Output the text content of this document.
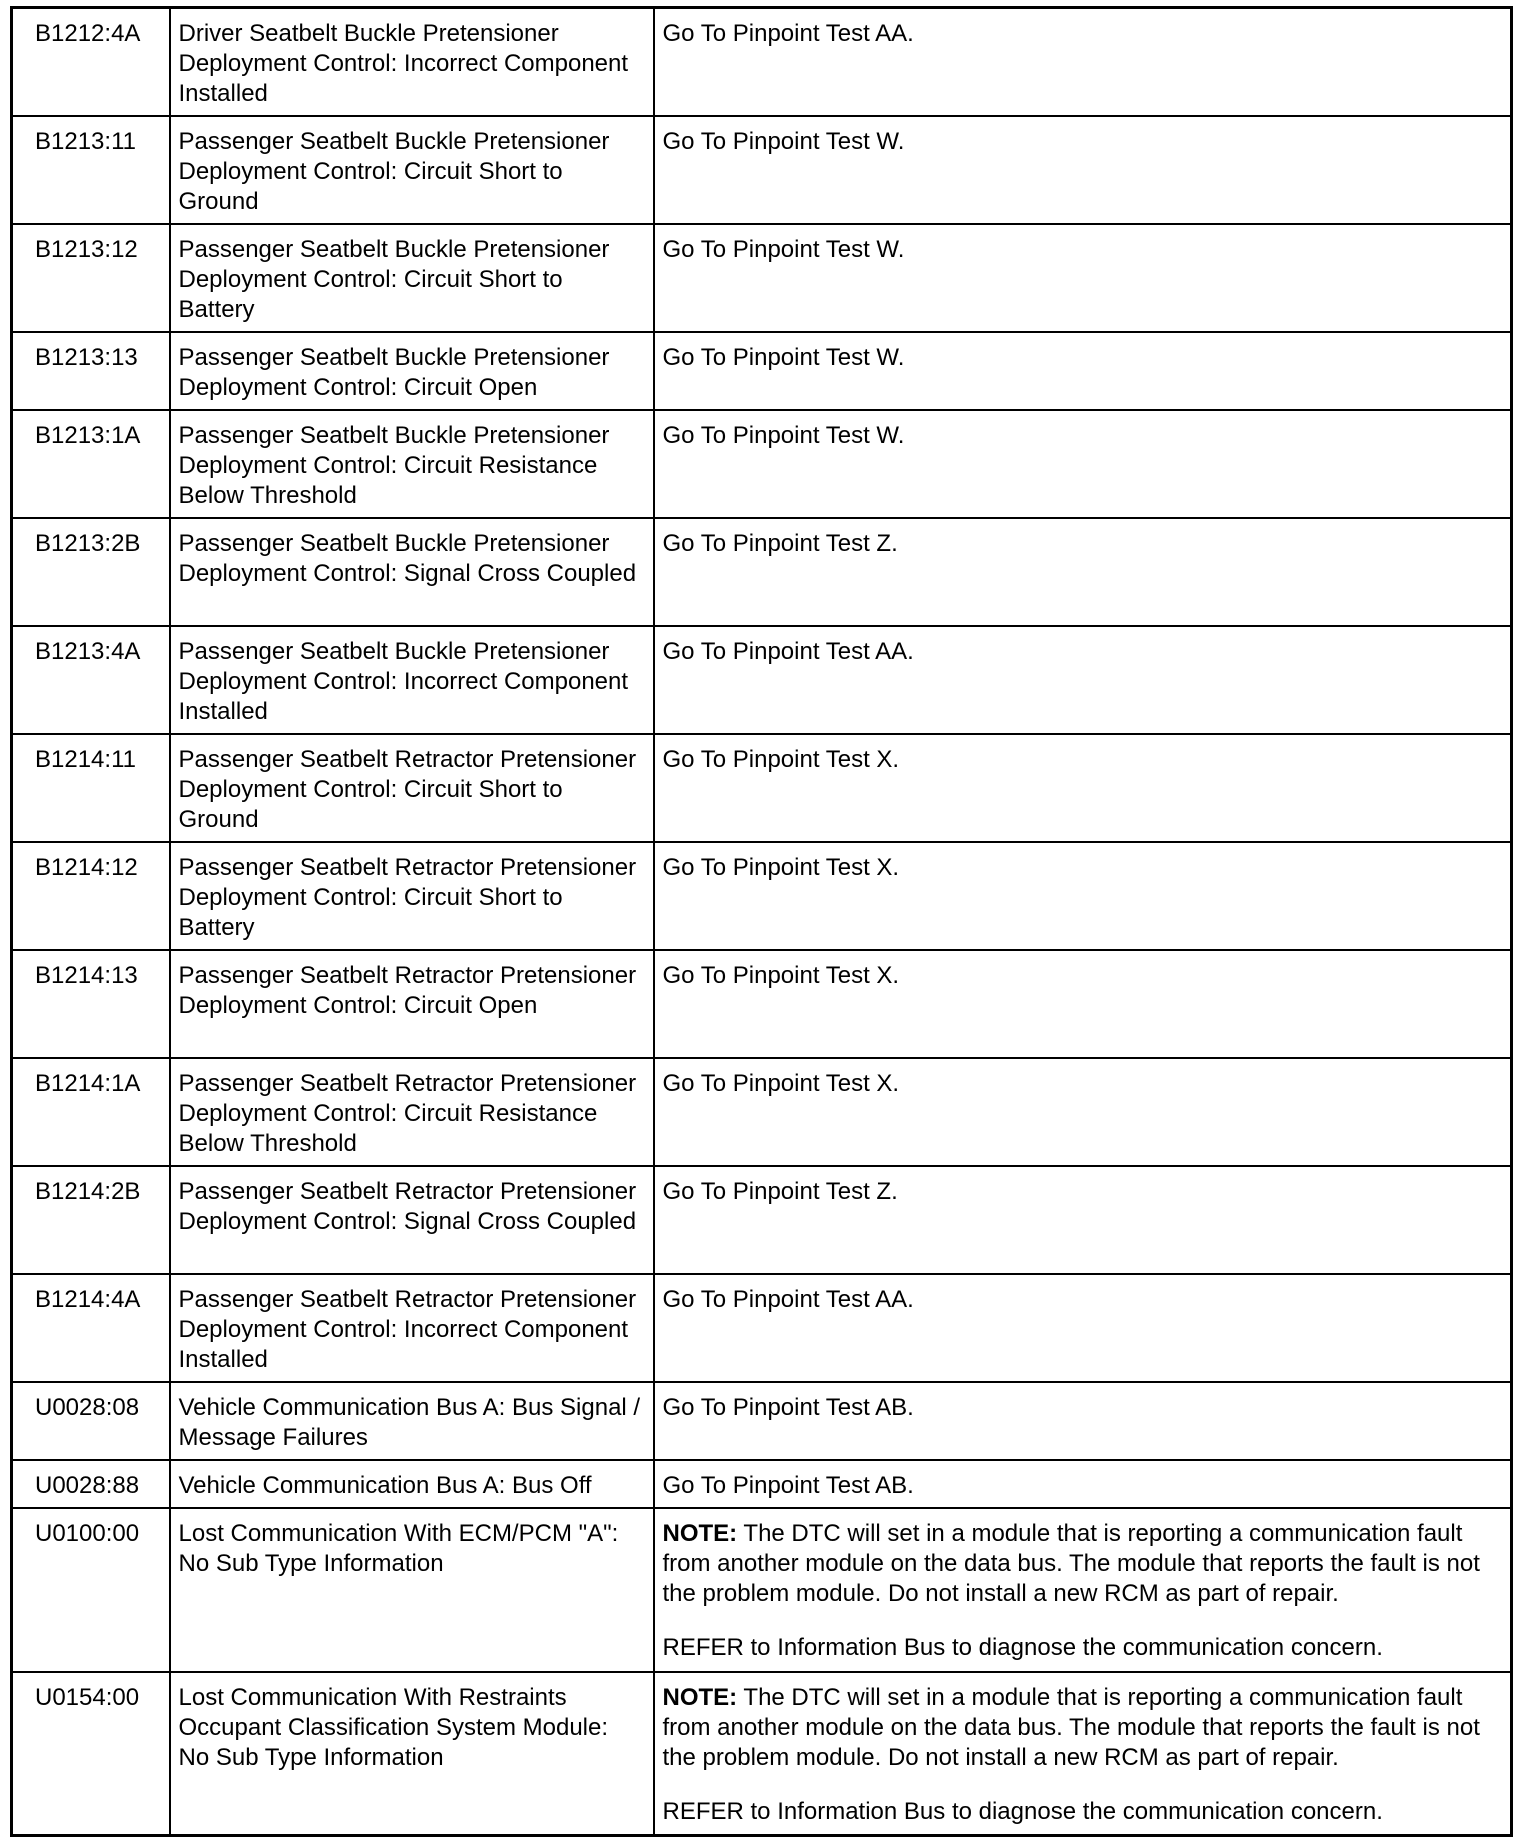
B1212:4A	Driver Seatbelt Buckle Pretensioner Deployment Control: Incorrect Component Installed	Go To Pinpoint Test AA.
B1213:11	Passenger Seatbelt Buckle Pretensioner Deployment Control: Circuit Short to Ground	Go To Pinpoint Test W.
B1213:12	Passenger Seatbelt Buckle Pretensioner Deployment Control: Circuit Short to Battery	Go To Pinpoint Test W.
B1213:13	Passenger Seatbelt Buckle Pretensioner Deployment Control: Circuit Open	Go To Pinpoint Test W.
B1213:1A	Passenger Seatbelt Buckle Pretensioner Deployment Control: Circuit Resistance Below Threshold	Go To Pinpoint Test W.
B1213:2B	Passenger Seatbelt Buckle Pretensioner Deployment Control: Signal Cross Coupled	Go To Pinpoint Test Z.
B1213:4A	Passenger Seatbelt Buckle Pretensioner Deployment Control: Incorrect Component Installed	Go To Pinpoint Test AA.
B1214:11	Passenger Seatbelt Retractor Pretensioner Deployment Control: Circuit Short to Ground	Go To Pinpoint Test X.
B1214:12	Passenger Seatbelt Retractor Pretensioner Deployment Control: Circuit Short to Battery	Go To Pinpoint Test X.
B1214:13	Passenger Seatbelt Retractor Pretensioner Deployment Control: Circuit Open	Go To Pinpoint Test X.
B1214:1A	Passenger Seatbelt Retractor Pretensioner Deployment Control: Circuit Resistance Below Threshold	Go To Pinpoint Test X.
B1214:2B	Passenger Seatbelt Retractor Pretensioner Deployment Control: Signal Cross Coupled	Go To Pinpoint Test Z.
B1214:4A	Passenger Seatbelt Retractor Pretensioner Deployment Control: Incorrect Component Installed	Go To Pinpoint Test AA.
U0028:08	Vehicle Communication Bus A: Bus Signal / Message Failures	Go To Pinpoint Test AB.
U0028:88	Vehicle Communication Bus A: Bus Off	Go To Pinpoint Test AB.
U0100:00	Lost Communication With ECM/PCM "A": No Sub Type Information	NOTE: The DTC will set in a module that is reporting a communication fault from another module on the data bus. The module that reports the fault is not the problem module. Do not install a new RCM as part of repair.
REFER to Information Bus to diagnose the communication concern.

U0154:00	Lost Communication With Restraints Occupant Classification System Module: No Sub Type Information	NOTE: The DTC will set in a module that is reporting a communication fault from another module on the data bus. The module that reports the fault is not the problem module. Do not install a new RCM as part of repair.
REFER to Information Bus to diagnose the communication concern.
